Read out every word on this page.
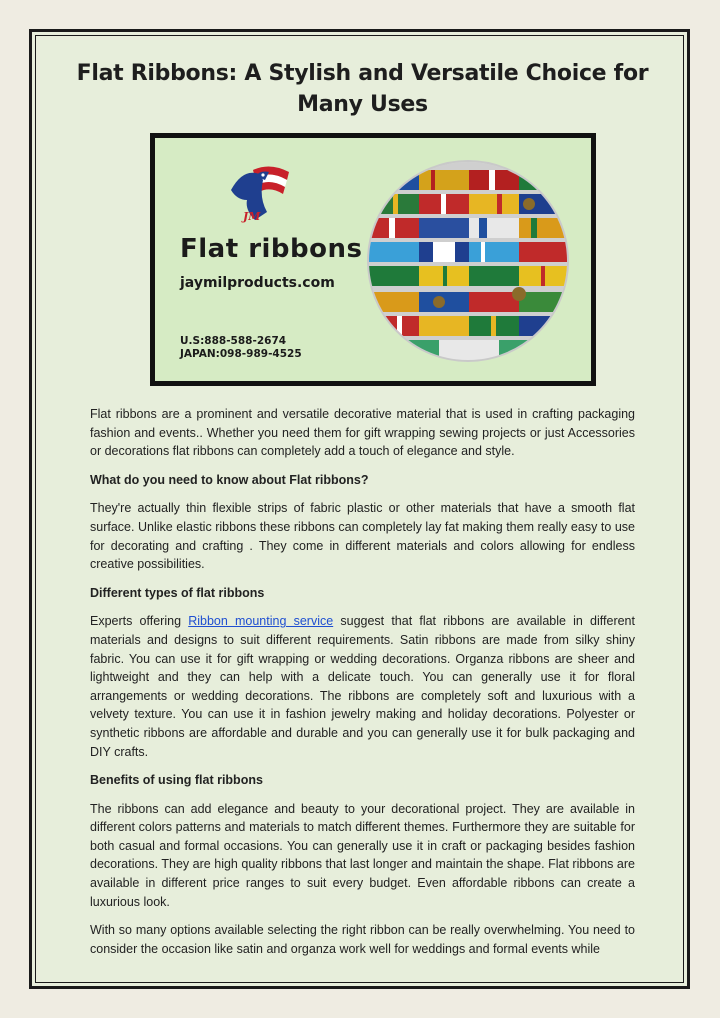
Flat Ribbons: A Stylish and Versatile Choice for Many Uses
JM
Flat ribbons
jaymilproducts.com
U.S:888-588-2674
JAPAN:098-989-4525

Flat ribbons are a prominent and versatile decorative material that is used in crafting packaging fashion and events.. Whether you need them for gift wrapping sewing projects or just Accessories or decorations flat ribbons can completely add a touch of elegance and style.

What do you need to know about Flat ribbons?

They're actually thin flexible strips of fabric plastic or other materials that have a smooth flat surface. Unlike elastic ribbons these ribbons can completely lay fat making them really easy to use for decorating and crafting . They come in different materials and colors allowing for endless creative possibilities.

Different types of flat ribbons

Experts offering Ribbon mounting service suggest that flat ribbons are available in different materials and designs to suit different requirements. Satin ribbons are made from silky shiny fabric. You can use it for gift wrapping or wedding decorations. Organza ribbons are sheer and lightweight and they can help with a delicate touch. You can generally use it for floral arrangements or wedding decorations. The ribbons are completely soft and luxurious with a velvety texture. You can use it in fashion jewelry making and holiday decorations. Polyester or synthetic ribbons are affordable and durable and you can generally use it for bulk packaging and DIY crafts.

Benefits of using flat ribbons

The ribbons can add elegance and beauty to your decorational project. They are available in different colors patterns and materials to match different themes. Furthermore they are suitable for both casual and formal occasions. You can generally use it in craft or packaging besides fashion decorations. They are high quality ribbons that last longer and maintain the shape. Flat ribbons are available in different price ranges to suit every budget. Even affordable ribbons can create a luxurious look.

With so many options available selecting the right ribbon can be really overwhelming. You need to consider the occasion like satin and organza work well for weddings and formal events while
